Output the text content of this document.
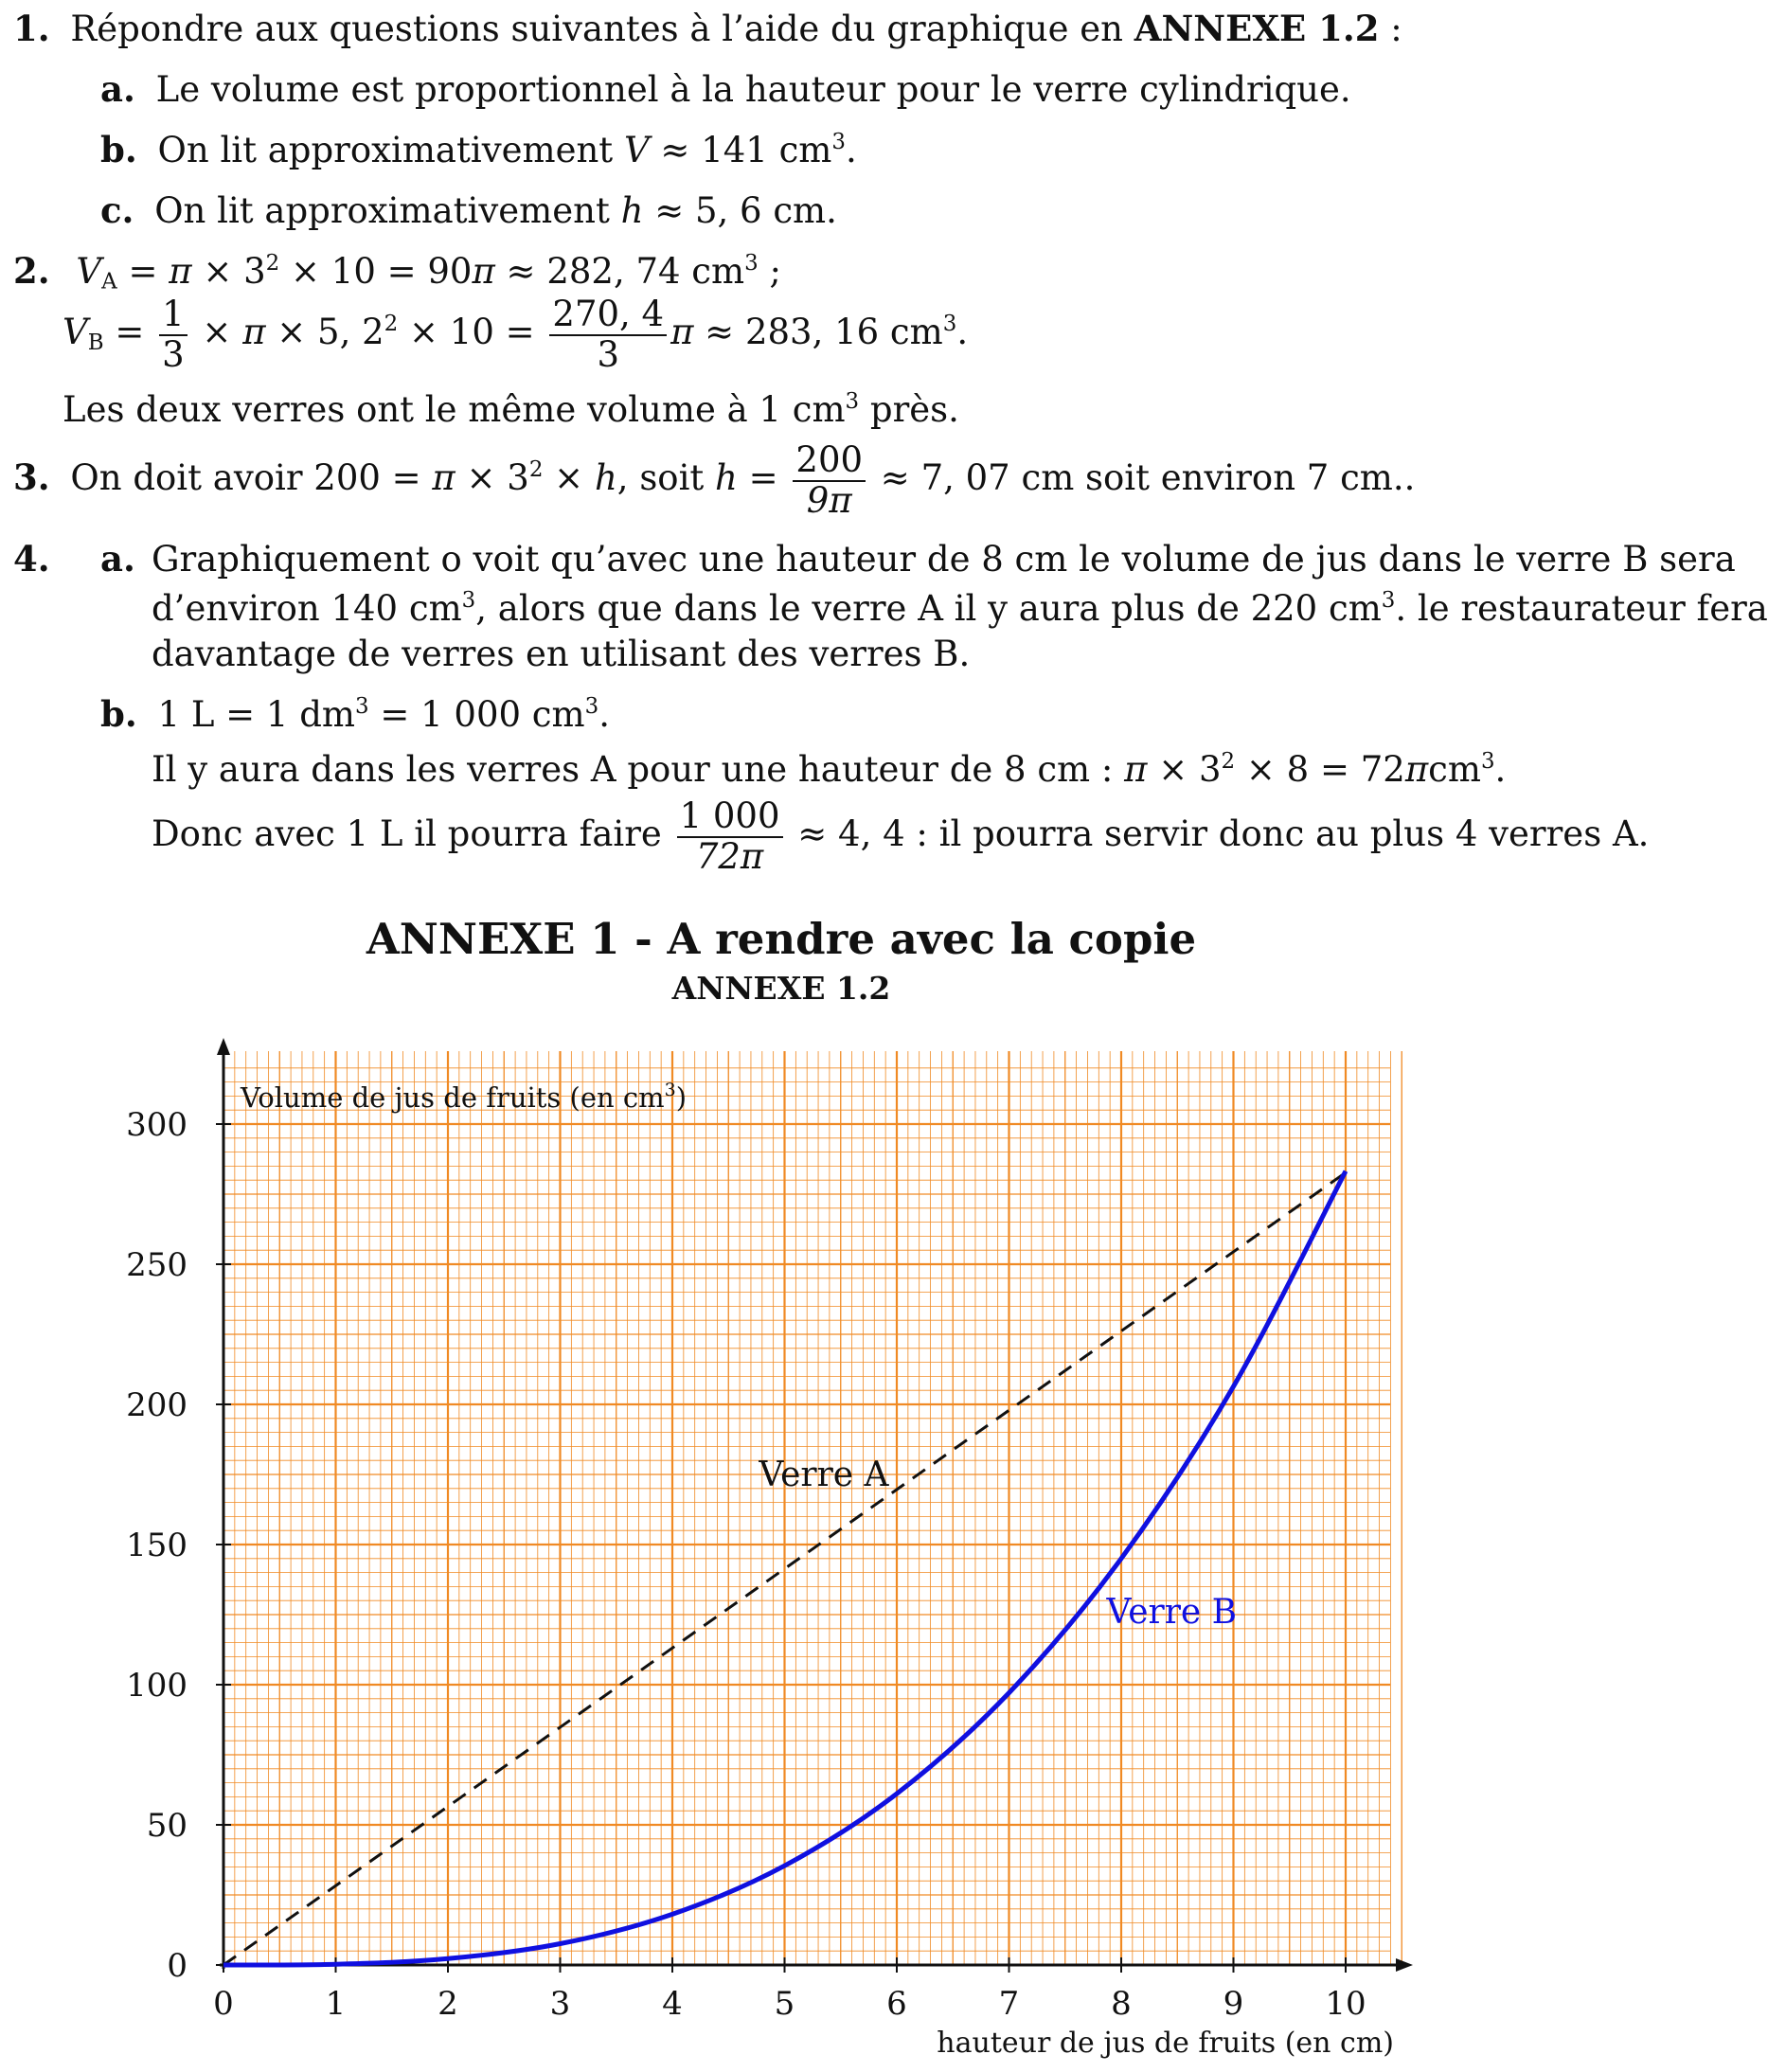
1. Répondre aux questions suivantes à l’aide du graphique en ANNEXE 1.2 :
a. Le volume est proportionnel à la hauteur pour le verre cylindrique.
b. On lit approximativement V ≈ 141 $cm^3$.
c. On lit approximativement h ≈ 5, 6 cm.
2. $V_A = \pi \times 3^2 \times 10 = 90\pi \approx 282$, 74 $cm^3$ ;
$V_B = \frac{1}{3} \times \pi \times 5$, $2^2 \times 10 = \frac{270, 4}{3}$ π ≈ 283, 16 $cm^3$.
Les deux verres ont le même volume à 1 $cm^3$ près.
3. On doit avoir $200 = \pi \times 3^2 \times h$, soit $h = \frac{200}{9\pi} \approx 7$, 07 cm soit environ 7 cm..
4. a. Graphiquement o voit qu’avec une hauteur de 8 cm le volume de jus dans le verre B sera
d’environ 140 $cm^3$, alors que dans le verre A il y aura plus de 220 $cm^3$. le restaurateur fera
davantage de verres en utilisant des verres B.
b. 1 L = 1 $dm^3 = 1$ 000 $cm^3$.
Il y aura dans les verres A pour une hauteur de 8 cm : $\pi \times 3^2 \times 8 = 72\pi cm^3$.
Donc avec 1 L il pourra faire $\frac{1 000}{72\pi} \approx 4$, 4 : il pourra servir donc au plus 4 verres A.
ANNEXE 1 - A rendre avec la copie
ANNEXE 1.2
0	1	2	3	4	5	6	7	8	9	10
0
50
100
150
200
250
300
Verre A
Verre B
Volume de jus de fruits (en $cm^3$)
hauteur de jus de fruits (en cm)
